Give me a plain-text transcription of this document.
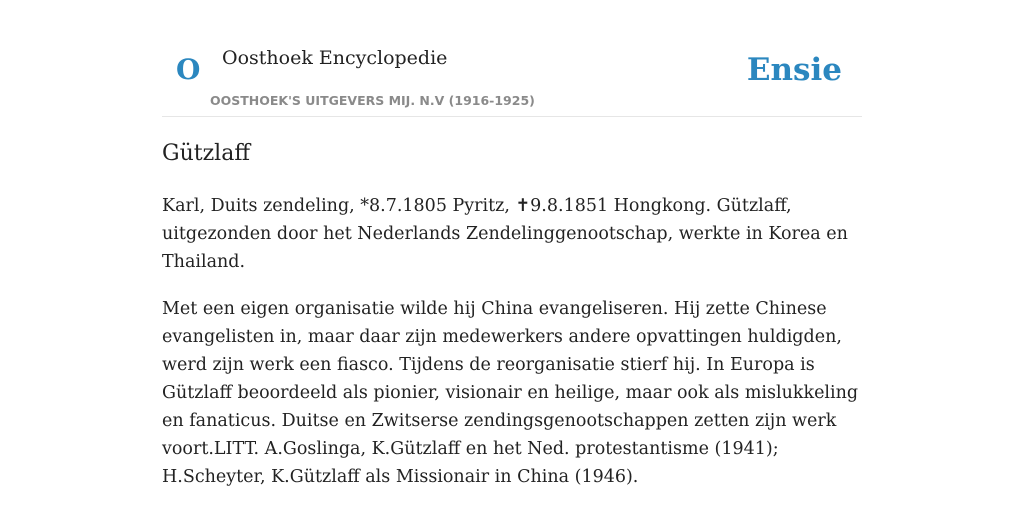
O Oosthoek Encyclopedie
OOSTHOEK'S UITGEVERS MIJ. N.V (1916-1925)
Ensie
Gützlaff

Karl, Duits zendeling, *8.7.1805 Pyritz, ✝9.8.1851 Hongkong. Gützlaff, uitgezonden door het Nederlands Zendelinggenootschap, werkte in Korea en Thailand.

Met een eigen organisatie wilde hij China evangeliseren. Hij zette Chinese evangelisten in, maar daar zijn medewerkers andere opvattingen huldigden, werd zijn werk een fiasco. Tijdens de reorganisatie stierf hij. In Europa is Gützlaff beoordeeld als pionier, visionair en heilige, maar ook als mislukkeling en fanaticus. Duitse en Zwitserse zendingsgenootschappen zetten zijn werk voort.LITT. A.Goslinga, K.Gützlaff en het Ned. protestantisme (1941); H.Scheyter, K.Gützlaff als Missionair in China (1946).
